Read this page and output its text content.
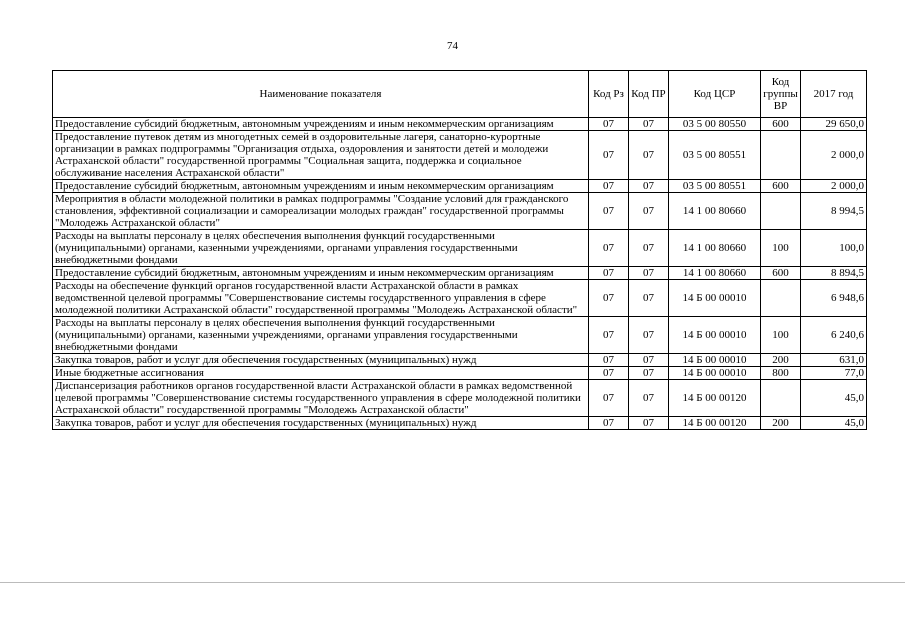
74
Наименование показателя	Код Рз	Код ПР	Код ЦСР	Код группы ВР	2017 год
Предоставление субсидий бюджетным, автономным учреждениям и иным некоммерческим организациям	07	07	03 5 00 80550	600	29 650,0
Предоставление путевок детям из многодетных семей в оздоровительные лагеря, санаторно-курортные организации в рамках подпрограммы "Организация отдыха, оздоровления и занятости детей и молодежи Астраханской области" государственной программы "Социальная защита, поддержка и социальное обслуживание населения Астраханской области"	07	07	03 5 00 80551		2 000,0
Предоставление субсидий бюджетным, автономным учреждениям и иным некоммерческим организациям	07	07	03 5 00 80551	600	2 000,0
Мероприятия в области молодежной политики в рамках подпрограммы "Создание условий для гражданского становления, эффективной социализации и самореализации молодых граждан" государственной программы "Молодежь Астраханской области"	07	07	14 1 00 80660		8 994,5
Расходы на выплаты персоналу в целях обеспечения выполнения функций государственными (муниципальными) органами, казенными учреждениями, органами управления государственными внебюджетными фондами	07	07	14 1 00 80660	100	100,0
Предоставление субсидий бюджетным, автономным учреждениям и иным некоммерческим организациям	07	07	14 1 00 80660	600	8 894,5
Расходы на обеспечение функций органов государственной власти Астраханской области в рамках ведомственной целевой программы "Совершенствование системы государственного управления в сфере молодежной политики Астраханской области" государственной программы "Молодежь Астраханской области"	07	07	14 Б 00 00010		6 948,6
Расходы на выплаты персоналу в целях обеспечения выполнения функций государственными (муниципальными) органами, казенными учреждениями, органами управления государственными внебюджетными фондами	07	07	14 Б 00 00010	100	6 240,6
Закупка товаров, работ и услуг для обеспечения государственных (муниципальных) нужд	07	07	14 Б 00 00010	200	631,0
Иные бюджетные ассигнования	07	07	14 Б 00 00010	800	77,0
Диспансеризация работников органов государственной власти Астраханской области в рамках ведомственной целевой программы "Совершенствование системы государственного управления в сфере молодежной политики Астраханской области" государственной программы "Молодежь Астраханской области"	07	07	14 Б 00 00120		45,0
Закупка товаров, работ и услуг для обеспечения государственных (муниципальных) нужд	07	07	14 Б 00 00120	200	45,0
